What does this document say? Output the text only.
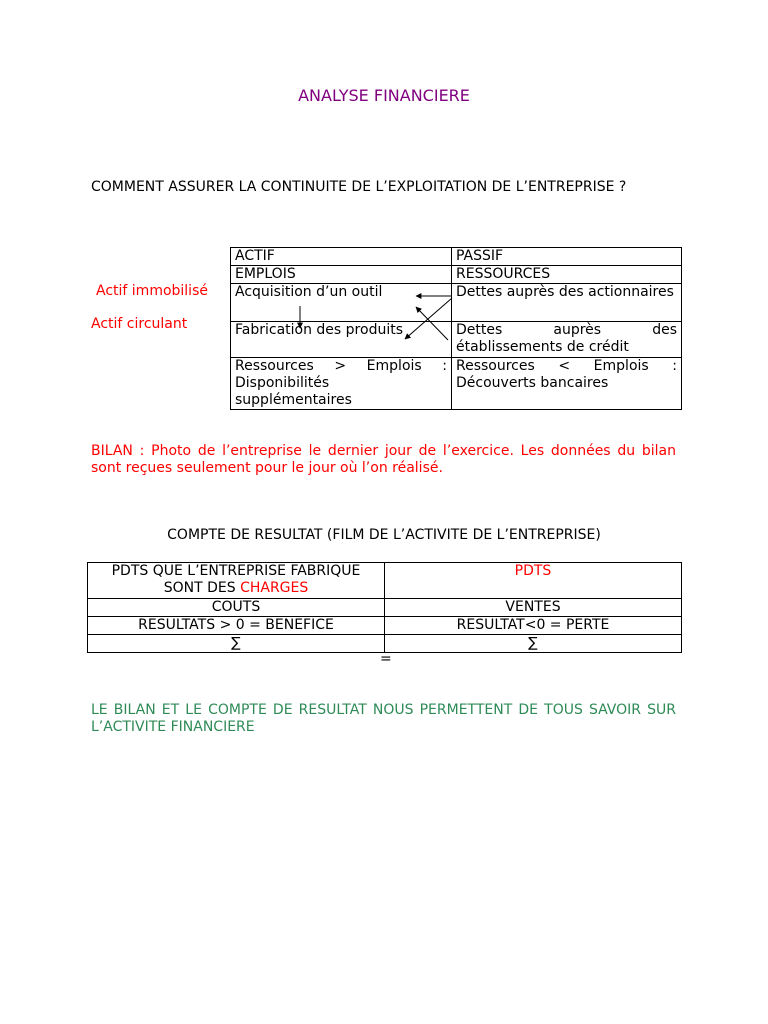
ANALYSE FINANCIERE
COMMENT ASSURER LA CONTINUITE DE L’EXPLOITATION DE L’ENTREPRISE ?
Actif immobilisé
Actif circulant
ACTIF	PASSIF
EMPLOIS	RESSOURCES
Acquisition d’un outil	Dettes auprès des actionnaires
Fabrication des produits	Dettes auprès des établissements de crédit
Ressources > Emplois : Disponibilités supplémentaires	Ressources < Emplois : Découverts bancaires
BILAN : Photo de l’entreprise le dernier jour de l’exercice. Les données du bilan sont reçues seulement pour le jour où l’on réalisé.
COMPTE DE RESULTAT (FILM DE L’ACTIVITE DE L’ENTREPRISE)
PDTS QUE L’ENTREPRISE FABRIQUE
SONT DES CHARGES	PDTS
COUTS	VENTES
RESULTATS > 0 = BENEFICE	RESULTAT<0 = PERTE
∑	∑
=
LE BILAN ET LE COMPTE DE RESULTAT NOUS PERMETTENT DE TOUS SAVOIR SUR L’ACTIVITE FINANCIERE
